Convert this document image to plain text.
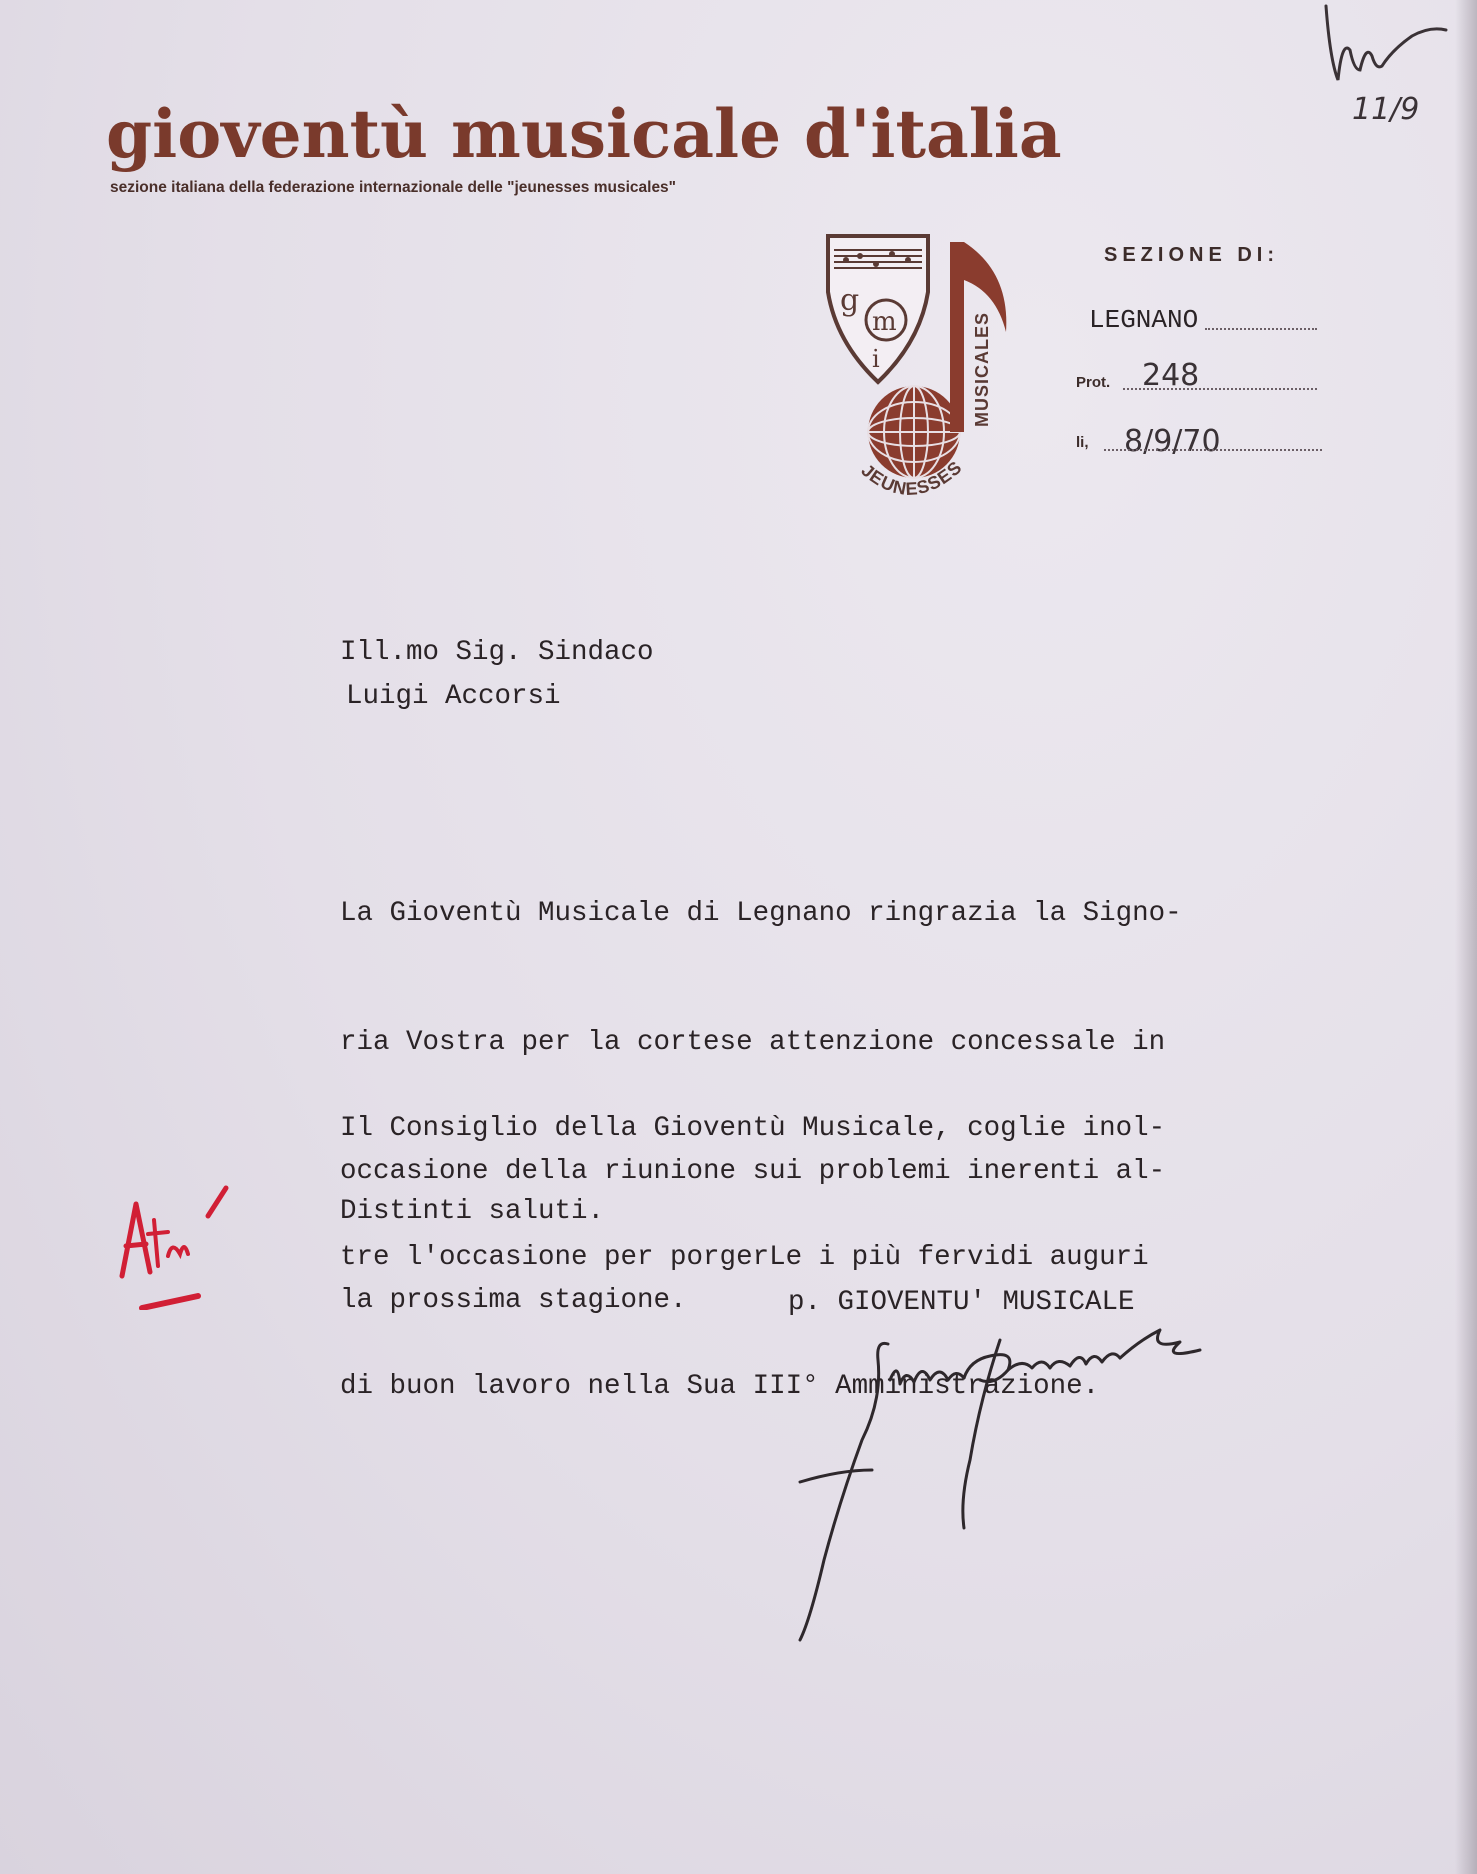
gioventù musicale d'italia
sezione italiana della federazione internazionale delle "jeunesses musicales"
g
m
i	MUSICALES
JEUNESSES
SEZIONE DI:
LEGNANO
Prot. 248
li, 8/9/70
11/9
Ill.mo Sig. Sindaco
Luigi Accorsi

La Gioventù Musicale di Legnano ringrazia la Signo-

ria Vostra per la cortese attenzione concessale in

occasione della riunione sui problemi inerenti al-

la prossima stagione.

Il Consiglio della Gioventù Musicale, coglie inol-

tre l'occasione per porgerLe i più fervidi auguri

di buon lavoro nella Sua III° Amministrazione.

Distinti saluti.
p. GIOVENTU' MUSICALE
